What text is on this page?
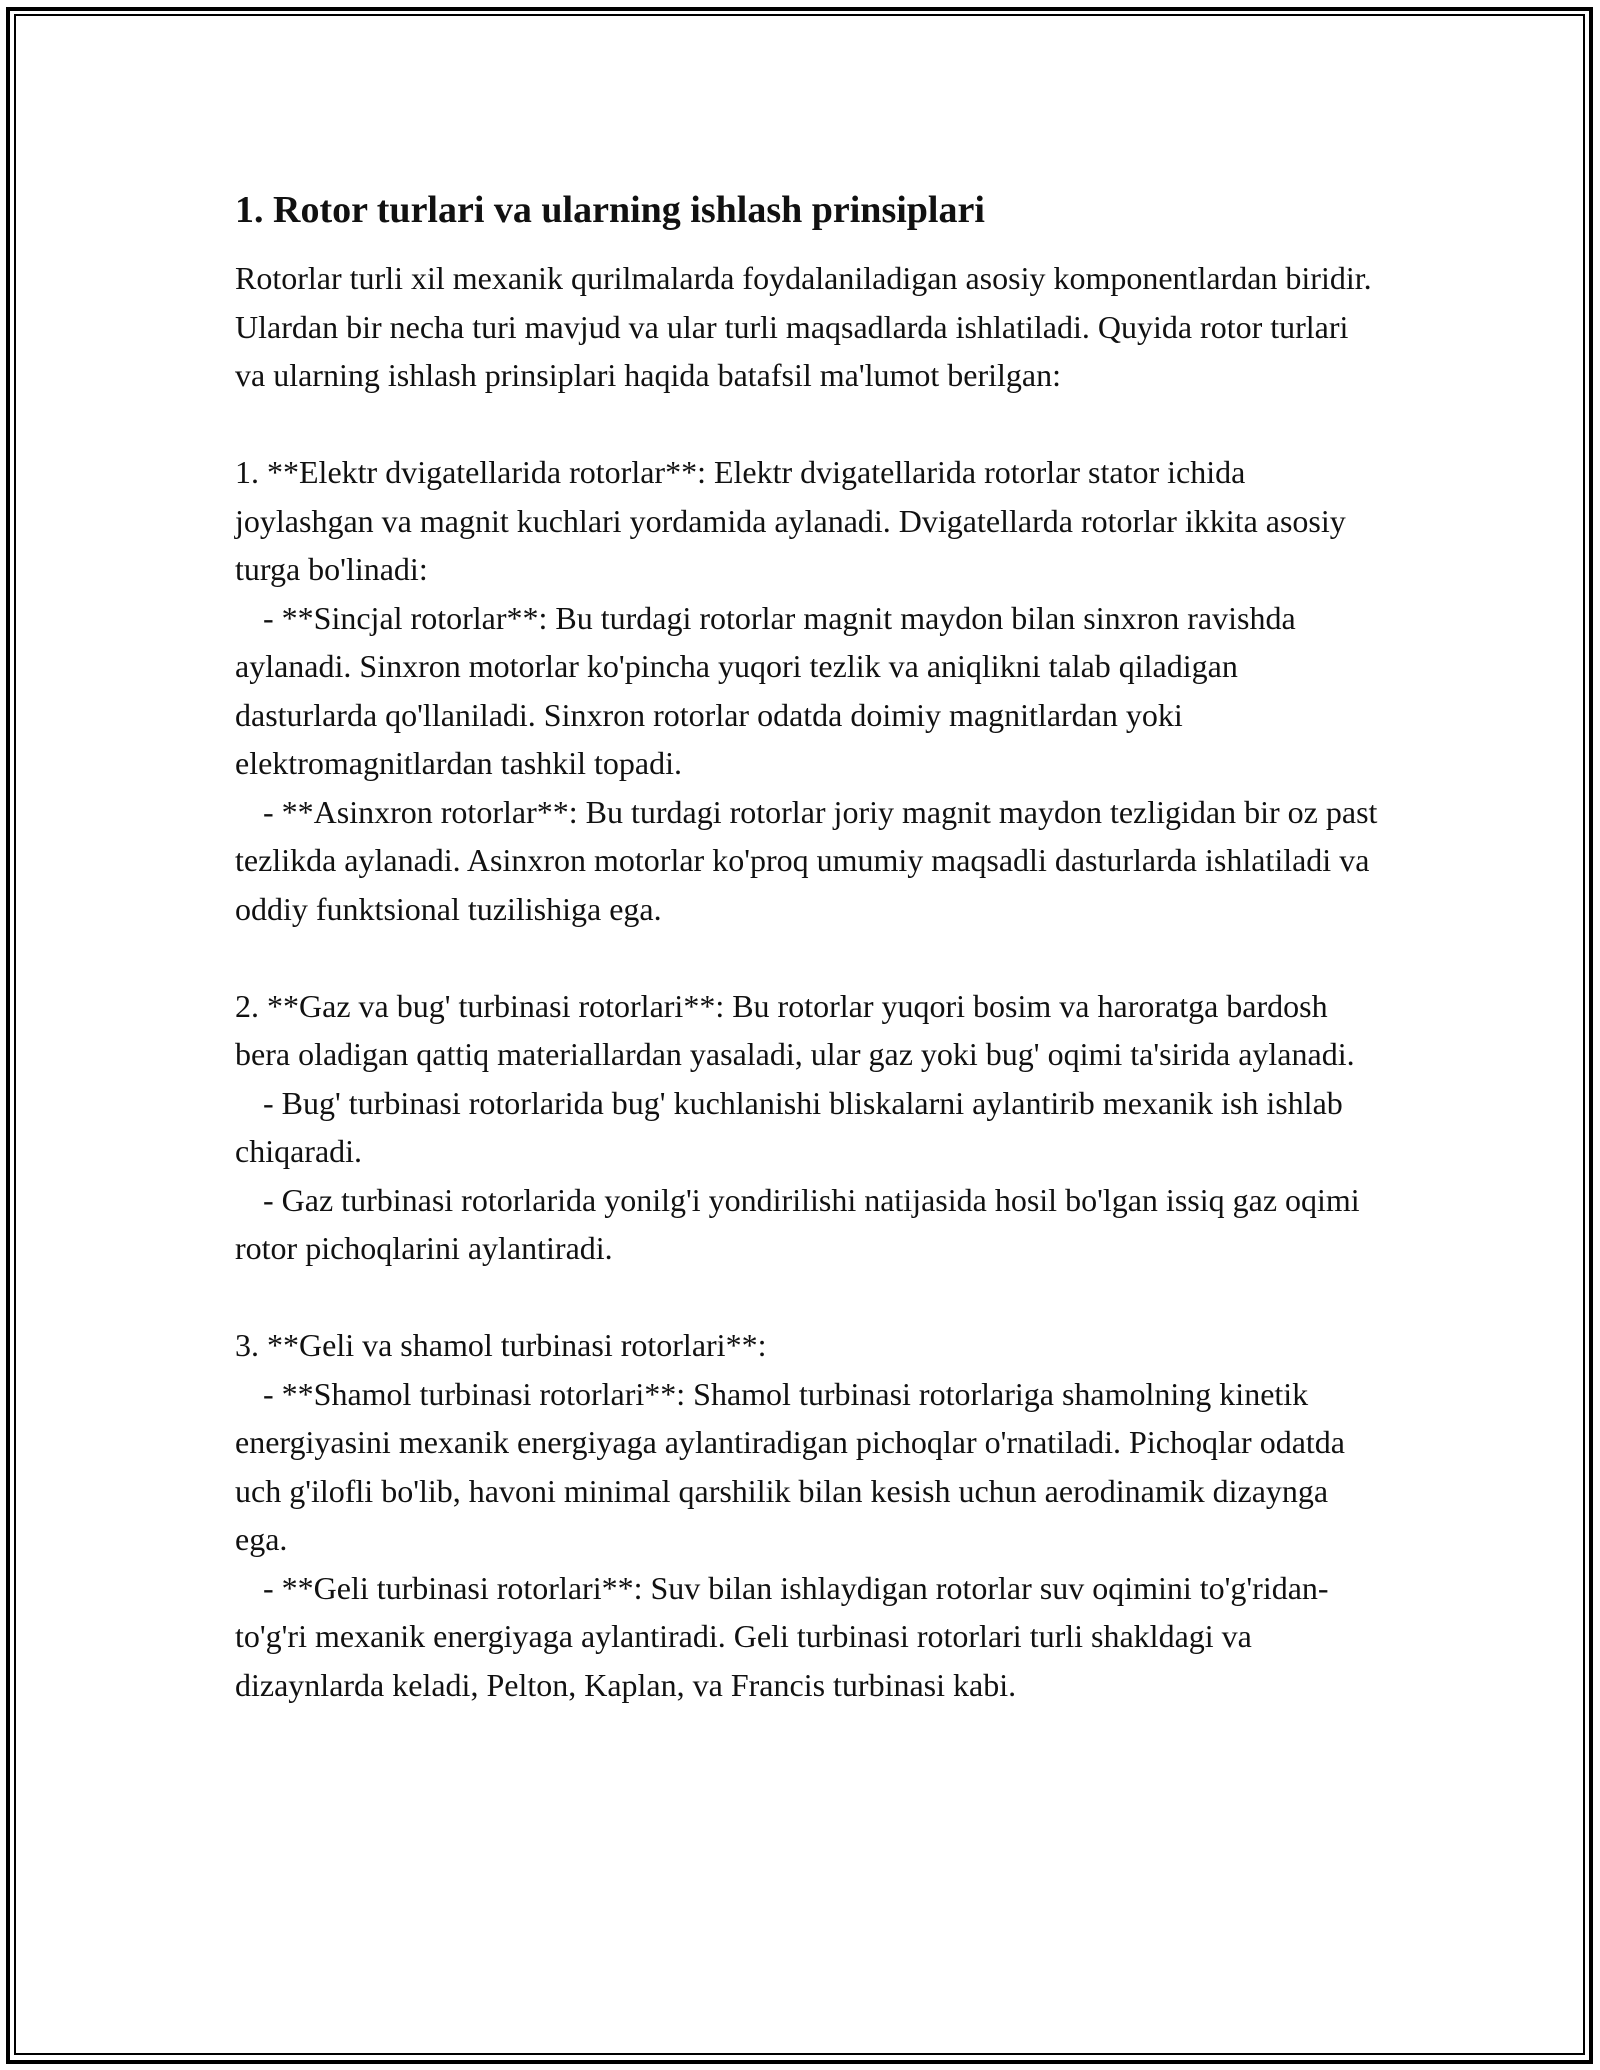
1. Rotor turlari va ularning ishlash prinsiplari

Rotorlar turli xil mexanik qurilmalarda foydalaniladigan asosiy komponentlardan biridir. Ulardan bir necha turi mavjud va ular turli maqsadlarda ishlatiladi. Quyida rotor turlari va ularning ishlash prinsiplari haqida batafsil ma'lumot berilgan:

1. **Elektr dvigatellarida rotorlar**: Elektr dvigatellarida rotorlar stator ichida joylashgan va magnit kuchlari yordamida aylanadi. Dvigatellarda rotorlar ikkita asosiy turga bo'linadi:

- **Sincjal rotorlar**: Bu turdagi rotorlar magnit maydon bilan sinxron ravishda aylanadi. Sinxron motorlar ko'pincha yuqori tezlik va aniqlikni talab qiladigan dasturlarda qo'llaniladi. Sinxron rotorlar odatda doimiy magnitlardan yoki elektromagnitlardan tashkil topadi.

- **Asinxron rotorlar**: Bu turdagi rotorlar joriy magnit maydon tezligidan bir oz past tezlikda aylanadi. Asinxron motorlar ko'proq umumiy maqsadli dasturlarda ishlatiladi va oddiy funktsional tuzilishiga ega.

2. **Gaz va bug' turbinasi rotorlari**: Bu rotorlar yuqori bosim va haroratga bardosh bera oladigan qattiq materiallardan yasaladi, ular gaz yoki bug' oqimi ta'sirida aylanadi.

- Bug' turbinasi rotorlarida bug' kuchlanishi bliskalarni aylantirib mexanik ish ishlab chiqaradi.

- Gaz turbinasi rotorlarida yonilg'i yondirilishi natijasida hosil bo'lgan issiq gaz oqimi rotor pichoqlarini aylantiradi.

3. **Geli va shamol turbinasi rotorlari**:

- **Shamol turbinasi rotorlari**: Shamol turbinasi rotorlariga shamolning kinetik energiyasini mexanik energiyaga aylantiradigan pichoqlar o'rnatiladi. Pichoqlar odatda uch g'ilofli bo'lib, havoni minimal qarshilik bilan kesish uchun aerodinamik dizaynga ega.

- **Geli turbinasi rotorlari**: Suv bilan ishlaydigan rotorlar suv oqimini to'g'ridan-to'g'ri mexanik energiyaga aylantiradi. Geli turbinasi rotorlari turli shakldagi va dizaynlarda keladi, Pelton, Kaplan, va Francis turbinasi kabi.
